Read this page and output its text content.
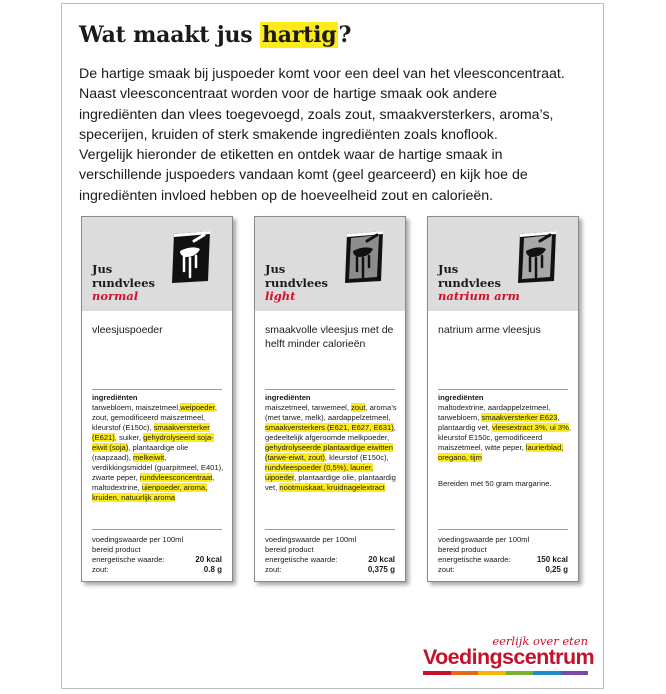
Wat maakt jus hartig?
De hartige smaak bij juspoeder komt voor een deel van het vleesconcentraat.
Naast vleesconcentraat worden voor de hartige smaak ook andere
ingrediënten dan vlees toegevoegd, zoals zout, smaakversterkers, aroma’s,
specerijen, kruiden of sterk smakende ingrediënten zoals knoflook.
Vergelijk hieronder de etiketten en ontdek waar de hartige smaak in
verschillende juspoeders vandaan komt (geel gearceerd) en kijk hoe de
ingrediënten invloed hebben op de hoeveelheid zout en calorieën.
Jus
rundvlees
normal
vleesjuspoeder
ingrediënten
tarwebloem, maiszetmeel,weipoeder, zout, gemodificeerd maiszetmeel, kleurstof (E150c), smaakversterker (E621), suiker, gehydrolyseerd soja-eiwit (soja), plantaardige olie (raapzaad), melkeiwit, verdikkingsmiddel (guarpitmeel, E401), zwarte peper, rundvleesconcentraat, maltodextrine, uienpoeder, aroma, kruiden, natuurlijk aroma
voedingswaarde per 100ml
bereid product
energetische waarde:	20 kcal
zout:	0.8 g
Jus
rundvlees
light
smaakvolle vleesjus met de helft minder calorieën
ingrediënten
maiszetmeel, tarwemeel, zout, aroma’s (met tarwe, melk), aardappelzetmeel, smaakversterkers (E621, E627, E631), gedeeltelijk afgeroomde melkpoeder, gehydrolyseerde plantaardige eiwitten (tarwe-eiwit, zout), kleurstof (E150c), rundvleespoeder (0,5%), laurier, uipoeder, plantaardige olie, plantaardig vet, nootmuskaat, kruidnagelextract
voedingswaarde per 100ml
bereid product
energetische waarde:	20 kcal
zout:	0,375 g
Jus
rundvlees
natrium arm
natrium arme vleesjus
ingrediënten
maltodextrine, aardappelzetmeel, tarwebloem, smaakversterker E623, plantaardig vet, vleesextract 3%, ui 3%, kleurstof E150c, gemodificeerd maiszetmeel, witte peper, laurierblad, oregano, tijm
Bereiden met 50 gram margarine.
voedingswaarde per 100ml
bereid product
energetische waarde:	150 kcal
zout:	0,25 g
eerlijk over eten
Voedingscentrum
